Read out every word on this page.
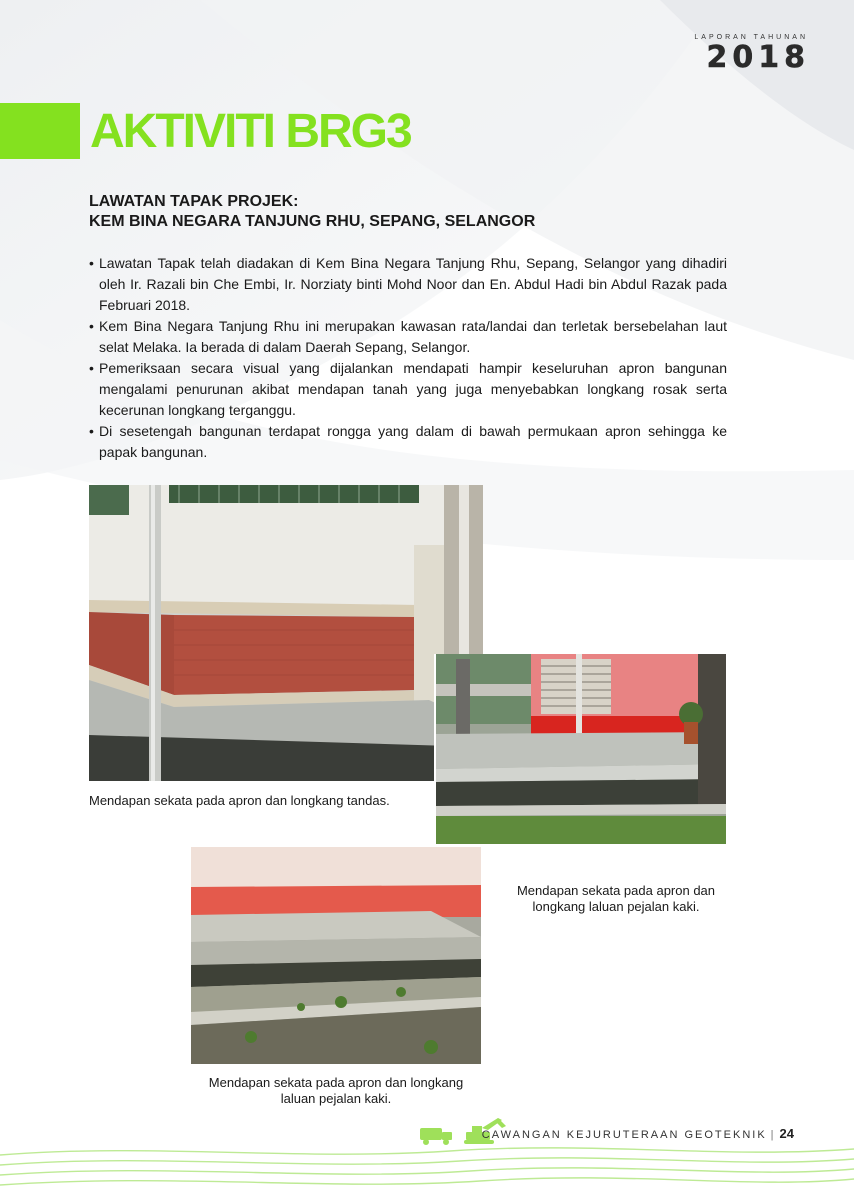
LAPORAN TAHUNAN
2018
AKTIVITI BRG3
LAWATAN TAPAK PROJEK:
KEM BINA NEGARA TANJUNG RHU, SEPANG, SELANGOR
• Lawatan Tapak telah diadakan di Kem Bina Negara Tanjung Rhu, Sepang, Selangor yang dihadiri oleh Ir. Razali bin Che Embi, Ir. Norziaty binti Mohd Noor dan En. Abdul Hadi bin Abdul Razak pada Februari 2018.
• Kem Bina Negara Tanjung Rhu ini merupakan kawasan rata/landai dan terletak bersebelahan laut selat Melaka. Ia berada di dalam Daerah Sepang, Selangor.
• Pemeriksaan secara visual yang dijalankan mendapati hampir keseluruhan apron bangunan mengalami penurunan akibat mendapan tanah yang juga menyebabkan longkang rosak serta kecerunan longkang terganggu.
• Di sesetengah bangunan terdapat rongga yang dalam di bawah permukaan apron sehingga ke papak bangunan.
Mendapan sekata pada apron dan longkang tandas.
Mendapan sekata pada apron dan
longkang laluan pejalan kaki.
Mendapan sekata pada apron dan longkang
laluan pejalan kaki.
CAWANGAN KEJURUTERAAN GEOTEKNIK | 24
